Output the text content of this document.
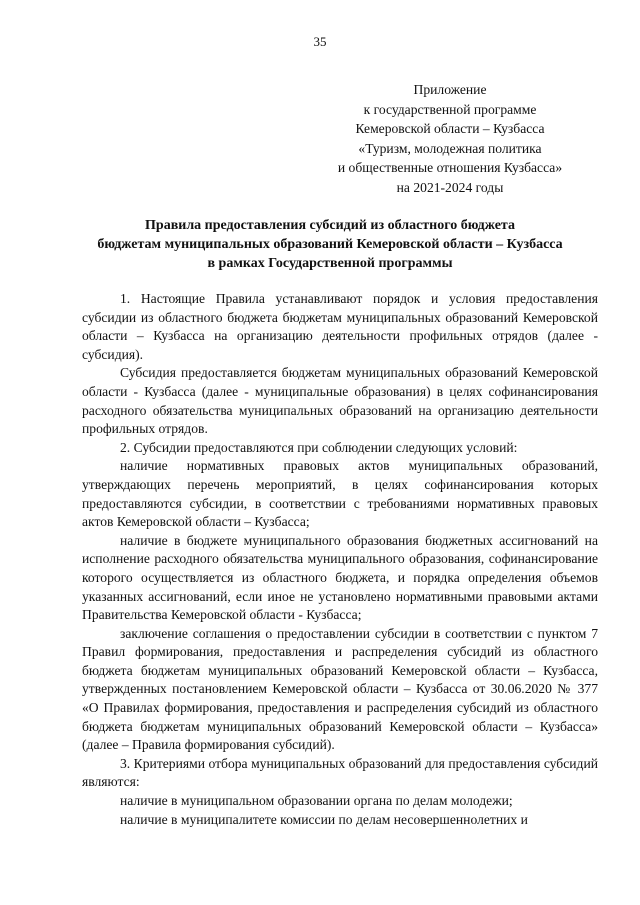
35
Приложение
к государственной программе
Кемеровской области – Кузбасса
«Туризм, молодежная политика
и общественные отношения Кузбасса»
на 2021-2024 годы
Правила предоставления субсидий из областного бюджета
бюджетам муниципальных образований Кемеровской области – Кузбасса
в рамках Государственной программы

1. Настоящие Правила устанавливают порядок и условия предоставления субсидии из областного бюджета бюджетам муниципальных образований Кемеровской области – Кузбасса на организацию деятельности профильных отрядов (далее - субсидия).

Субсидия предоставляется бюджетам муниципальных образований Кемеровской области - Кузбасса (далее - муниципальные образования) в целях софинансирования расходного обязательства муниципальных образований на организацию деятельности профильных отрядов.

2. Субсидии предоставляются при соблюдении следующих условий:

наличие нормативных правовых актов муниципальных образований, утверждающих перечень мероприятий, в целях софинансирования которых предоставляются субсидии, в соответствии с требованиями нормативных правовых актов Кемеровской области – Кузбасса;

наличие в бюджете муниципального образования бюджетных ассигнований на исполнение расходного обязательства муниципального образования, софинансирование которого осуществляется из областного бюджета, и порядка определения объемов указанных ассигнований, если иное не установлено нормативными правовыми актами Правительства Кемеровской области - Кузбасса;

заключение соглашения о предоставлении субсидии в соответствии с пунктом 7 Правил формирования, предоставления и распределения субсидий из областного бюджета бюджетам муниципальных образований Кемеровской области – Кузбасса, утвержденных постановлением Кемеровской области – Кузбасса от 30.06.2020 № 377 «О Правилах формирования, предоставления и распределения субсидий из областного бюджета бюджетам муниципальных образований Кемеровской области – Кузбасса» (далее – Правила формирования субсидий).

3. Критериями отбора муниципальных образований для предоставления субсидий являются:

наличие в муниципальном образовании органа по делам молодежи;

наличие в муниципалитете комиссии по делам несовершеннолетних и
